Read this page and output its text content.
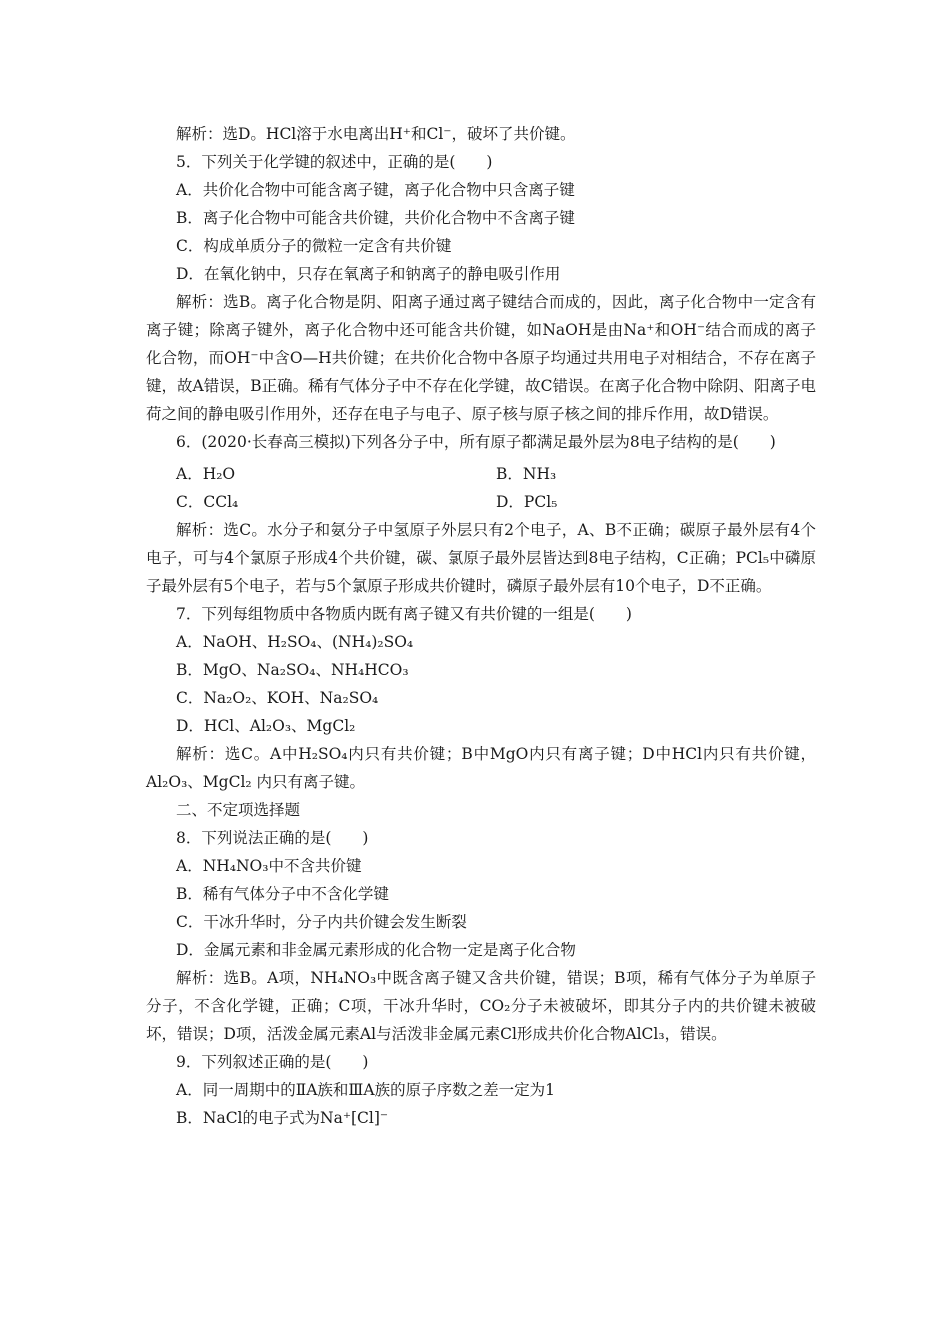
解析：选D。HCl溶于水电离出H⁺和Cl⁻，破坏了共价键。
5．下列关于化学键的叙述中，正确的是(　　)
A．共价化合物中可能含离子键，离子化合物中只含离子键
B．离子化合物中可能含共价键，共价化合物中不含离子键
C．构成单质分子的微粒一定含有共价键
D．在氧化钠中，只存在氧离子和钠离子的静电吸引作用
解析：选B。离子化合物是阴、阳离子通过离子键结合而成的，因此，离子化合物中一定含有离子键；除离子键外，离子化合物中还可能含共价键，如NaOH是由Na⁺和OH⁻结合而成的离子化合物，而OH⁻中含O—H共价键；在共价化合物中各原子均通过共用电子对相结合，不存在离子键，故A错误，B正确。稀有气体分子中不存在化学键，故C错误。在离子化合物中除阴、阳离子电荷之间的静电吸引作用外，还存在电子与电子、原子核与原子核之间的排斥作用，故D错误。
6．(2020·长春高三模拟)下列各分子中，所有原子都满足最外层为8电子结构的是(　　)
A．H₂O	B．NH₃
C．CCl₄	D．PCl₅
解析：选C。水分子和氨分子中氢原子外层只有2个电子，A、B不正确；碳原子最外层有4个电子，可与4个氯原子形成4个共价键，碳、氯原子最外层皆达到8电子结构，C正确；PCl₅中磷原子最外层有5个电子，若与5个氯原子形成共价键时，磷原子最外层有10个电子，D不正确。
7．下列每组物质中各物质内既有离子键又有共价键的一组是(　　)
A．NaOH、H₂SO₄、(NH₄)₂SO₄
B．MgO、Na₂SO₄、NH₄HCO₃
C．Na₂O₂、KOH、Na₂SO₄
D．HCl、Al₂O₃、MgCl₂
解析：选C。A中H₂SO₄内只有共价键；B中MgO内只有离子键；D中HCl内只有共价键，Al₂O₃、MgCl₂ 内只有离子键。
二、不定项选择题
8．下列说法正确的是(　　)
A．NH₄NO₃中不含共价键
B．稀有气体分子中不含化学键
C．干冰升华时，分子内共价键会发生断裂
D．金属元素和非金属元素形成的化合物一定是离子化合物
解析：选B。A项，NH₄NO₃中既含离子键又含共价键，错误；B项，稀有气体分子为单原子分子，不含化学键，正确；C项，干冰升华时，CO₂分子未被破坏，即其分子内的共价键未被破坏，错误；D项，活泼金属元素Al与活泼非金属元素Cl形成共价化合物AlCl₃，错误。
9．下列叙述正确的是(　　)
A．同一周期中的ⅡA族和ⅢA族的原子序数之差一定为1
B．NaCl的电子式为Na⁺[Cl]⁻
